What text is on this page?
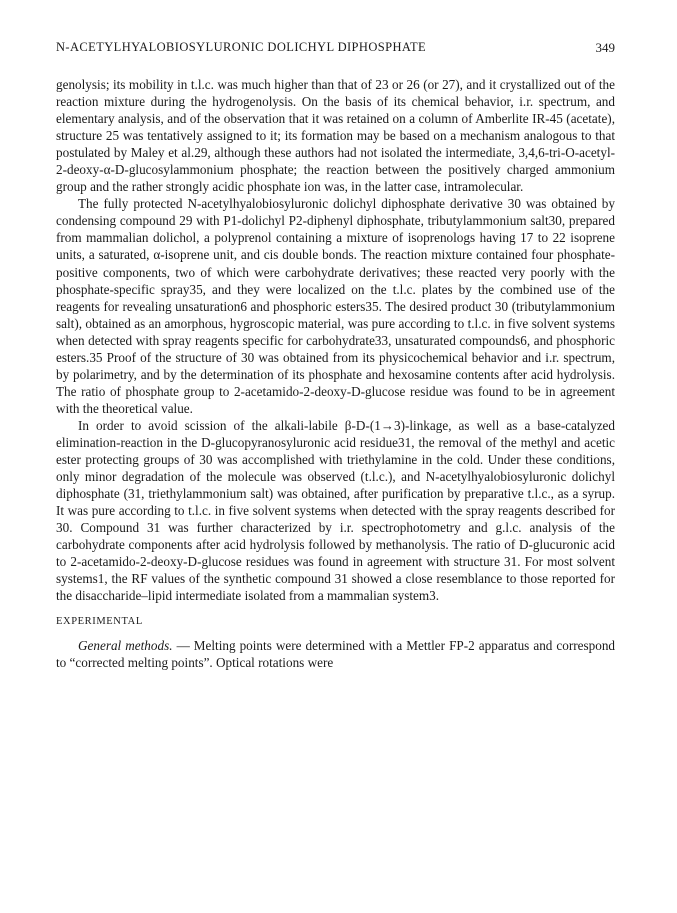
N-ACETYLHYALOBIOSYLURONIC DOLICHYL DIPHOSPHATE	349

genolysis; its mobility in t.l.c. was much higher than that of 23 or 26 (or 27), and it crystallized out of the reaction mixture during the hydrogenolysis. On the basis of its chemical behavior, i.r. spectrum, and elementary analysis, and of the observation that it was retained on a column of Amberlite IR-45 (acetate), structure 25 was tentatively assigned to it; its formation may be based on a mechanism analogous to that postulated by Maley et al.29, although these authors had not isolated the intermediate, 3,4,6-tri-O-acetyl-2-deoxy-α-D-glucosylammonium phosphate; the reaction between the positively charged ammonium group and the rather strongly acidic phosphate ion was, in the latter case, intramolecular.

The fully protected N-acetylhyalobiosyluronic dolichyl diphosphate derivative 30 was obtained by condensing compound 29 with P1-dolichyl P2-diphenyl diphosphate, tributylammonium salt30, prepared from mammalian dolichol, a polyprenol containing a mixture of isoprenologs having 17 to 22 isoprene units, a saturated, α-isoprene unit, and cis double bonds. The reaction mixture contained four phosphate-positive components, two of which were carbohydrate derivatives; these reacted very poorly with the phosphate-specific spray35, and they were localized on the t.l.c. plates by the combined use of the reagents for revealing unsaturation6 and phosphoric esters35. The desired product 30 (tributylammonium salt), obtained as an amorphous, hygroscopic material, was pure according to t.l.c. in five solvent systems when detected with spray reagents specific for carbohydrate33, unsaturated compounds6, and phosphoric esters.35 Proof of the structure of 30 was obtained from its physicochemical behavior and i.r. spectrum, by polarimetry, and by the determination of its phosphate and hexosamine contents after acid hydrolysis. The ratio of phosphate group to 2-acetamido-2-deoxy-D-glucose residue was found to be in agreement with the theoretical value.

In order to avoid scission of the alkali-labile β-D-(1→3)-linkage, as well as a base-catalyzed elimination-reaction in the D-glucopyranosyluronic acid residue31, the removal of the methyl and acetic ester protecting groups of 30 was accomplished with triethylamine in the cold. Under these conditions, only minor degradation of the molecule was observed (t.l.c.), and N-acetylhyalobiosyluronic dolichyl diphosphate (31, triethylammonium salt) was obtained, after purification by preparative t.l.c., as a syrup. It was pure according to t.l.c. in five solvent systems when detected with the spray reagents described for 30. Compound 31 was further characterized by i.r. spectrophotometry and g.l.c. analysis of the carbohydrate components after acid hydrolysis followed by methanolysis. The ratio of D-glucuronic acid to 2-acetamido-2-deoxy-D-glucose residues was found in agreement with structure 31. For most solvent systems1, the RF values of the synthetic compound 31 showed a close resemblance to those reported for the disaccharide–lipid intermediate isolated from a mammalian system3.

EXPERIMENTAL

General methods. — Melting points were determined with a Mettler FP-2 apparatus and correspond to “corrected melting points”. Optical rotations were
